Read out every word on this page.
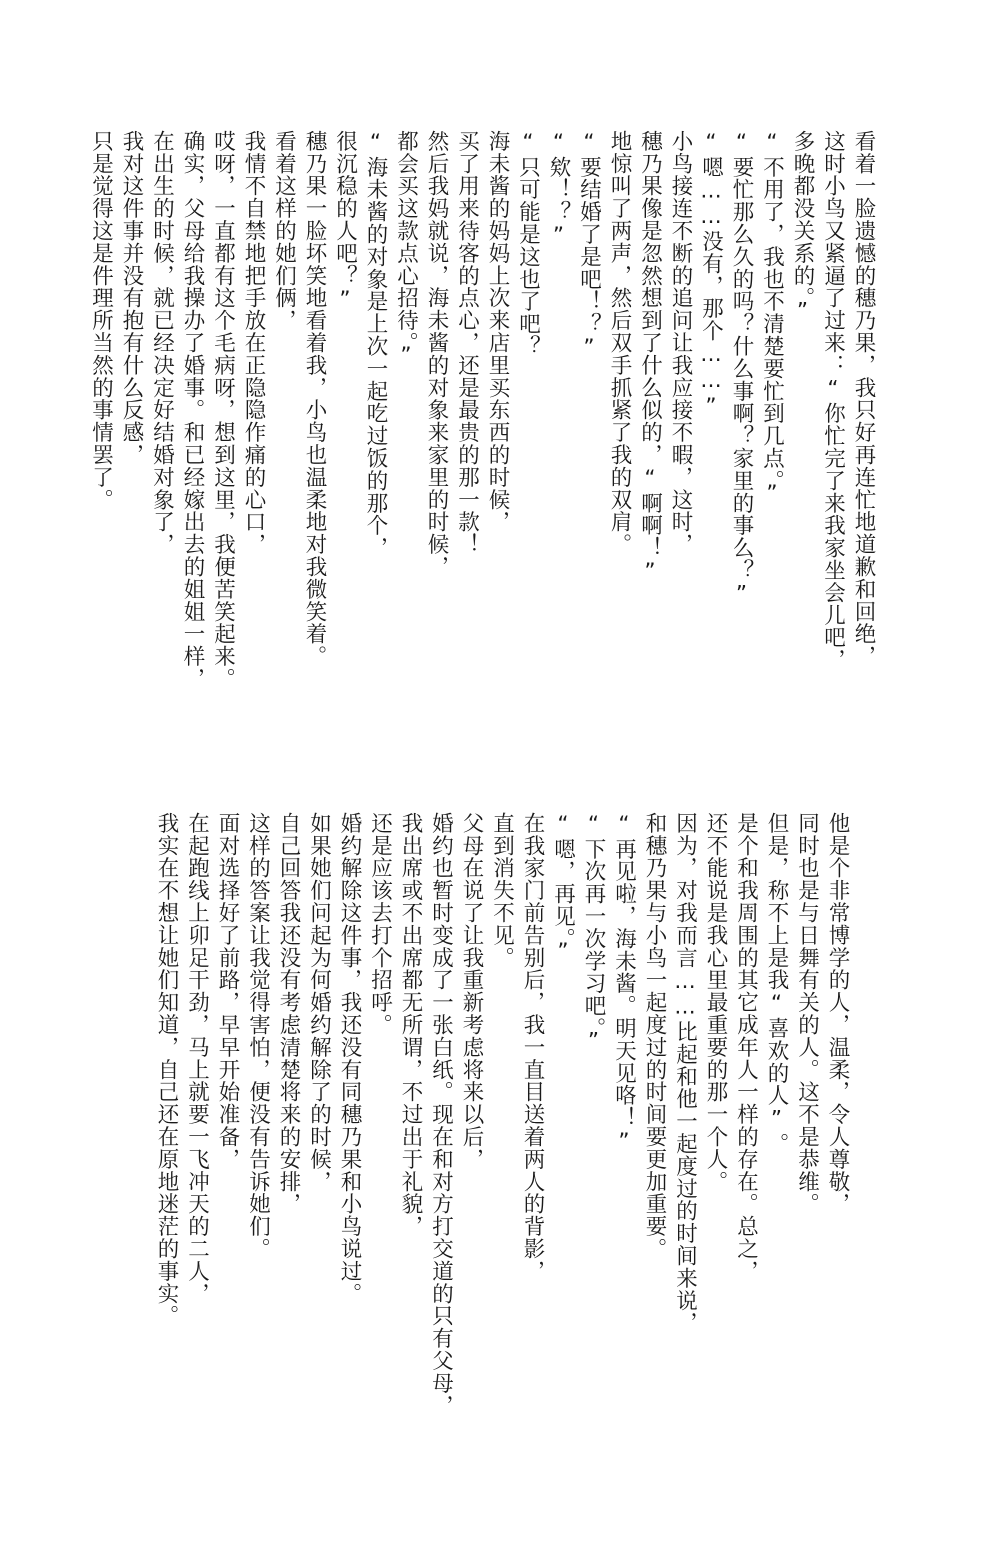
看着一脸遗憾的穗乃果，我只好再连忙地道歉和回绝，

这时小鸟又紧逼了过来：“你忙完了来我家坐会儿吧，

多晚都没关系的。”

“不用了，我也不清楚要忙到几点。”

“要忙那么久的吗？什么事啊？家里的事么？”

“嗯……没有，那个……”

小鸟接连不断的追问让我应接不暇，这时，

穗乃果像是忽然想到了什么似的，“啊啊！”

地惊叫了两声，然后双手抓紧了我的双肩。

“要结婚了是吧！？”

“欸！？”

“只可能是这也了吧？

海未酱的妈妈上次来店里买东西的时候，

买了用来待客的点心，还是最贵的那一款！

然后我妈就说，海未酱的对象来家里的时候，

都会买这款点心招待。”

“海未酱的对象是上次一起吃过饭的那个，

很沉稳的人吧？”

穗乃果一脸坏笑地看着我，小鸟也温柔地对我微笑着。

看着这样的她们俩，

我情不自禁地把手放在正隐隐作痛的心口，

哎呀，一直都有这个毛病呀，想到这里，我便苦笑起来。

确实，父母给我操办了婚事。和已经嫁出去的姐姐一样，

在出生的时候，就已经决定好结婚对象了，

我对这件事并没有抱有什么反感，

只是觉得这是件理所当然的事情罢了。

他是个非常博学的人，温柔，令人尊敬，

同时也是与日舞有关的人。这不是恭维。

但是，称不上是我“喜欢的人”。

是个和我周围的其它成年人一样的存在。总之，

还不能说是我心里最重要的那一个人。

因为，对我而言……比起和他一起度过的时间来说，

和穗乃果与小鸟一起度过的时间要更加重要。

“再见啦，海未酱。明天见咯！”

“下次再一次学习吧。”

“嗯，再见。”

在我家门前告别后，我一直目送着两人的背影，

直到消失不见。

父母在说了让我重新考虑将来以后，

婚约也暂时变成了一张白纸。现在和对方打交道的只有父母，

我出席或不出席都无所谓，不过出于礼貌，

还是应该去打个招呼。

婚约解除这件事，我还没有同穗乃果和小鸟说过。

如果她们问起为何婚约解除了的时候，

自己回答我还没有考虑清楚将来的安排，

这样的答案让我觉得害怕，便没有告诉她们。

面对选择好了前路，早早开始准备，

在起跑线上卯足干劲，马上就要一飞冲天的二人，

我实在不想让她们知道，自己还在原地迷茫的事实。
